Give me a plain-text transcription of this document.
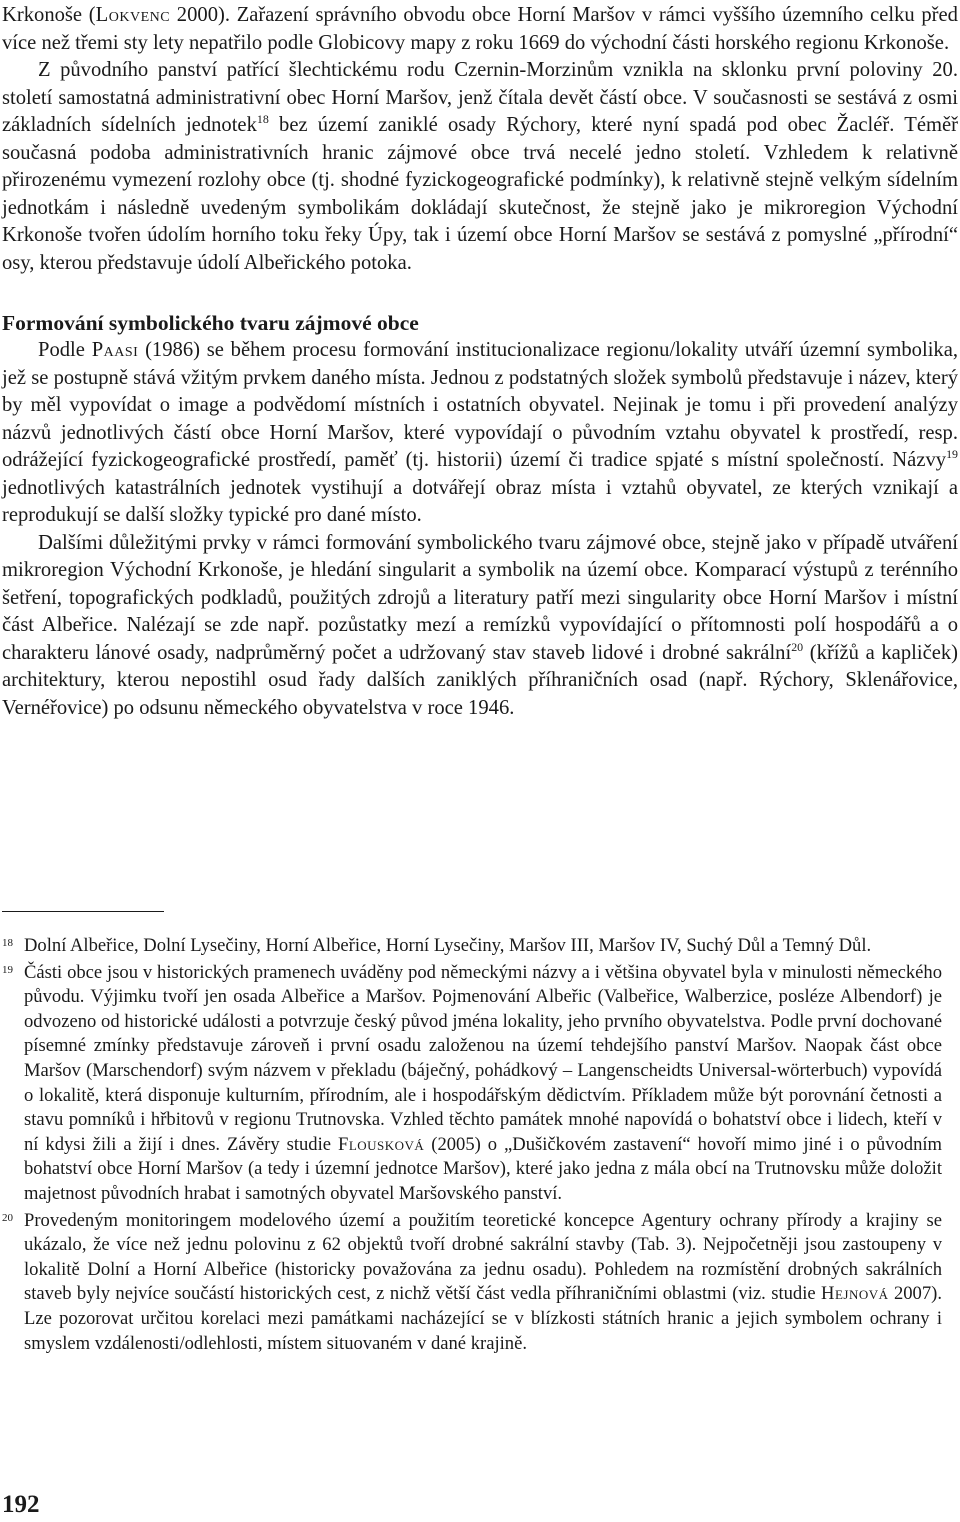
Krkonoše (Lokvenc 2000). Zařazení správního obvodu obce Horní Maršov v rámci vyššího územního celku před více než třemi sty lety nepatřilo podle Globicovy mapy z roku 1669 do východní části horského regionu Krkonoše.

Z původního panství patřící šlechtickému rodu Czernin-Morzinům vznikla na sklonku první poloviny 20. století samostatná administrativní obec Horní Maršov, jenž čítala devět částí obce. V současnosti se sestává z osmi základních sídelních jednotek$^{18}$ bez území zaniklé osady Rýchory, které nyní spadá pod obec Žacléř. Téměř současná podoba administrativních hranic zájmové obce trvá necelé jedno století. Vzhledem k relativně přirozenému vymezení rozlohy obce (tj. shodné fyzickogeografické podmínky), k relativně stejně velkým sídelním jednotkám i následně uvedeným symbolikám dokládají skutečnost, že stejně jako je mikroregion Východní Krkonoše tvořen údolím horního toku řeky Úpy, tak i území obce Horní Maršov se sestává z pomyslné „přírodní“ osy, kterou představuje údolí Albeřického potoka.

Formování symbolického tvaru zájmové obce

Podle Paasi (1986) se během procesu formování institucionalizace regionu/lokality utváří územní symbolika, jež se postupně stává vžitým prvkem daného místa. Jednou z podstatných složek symbolů představuje i název, který by měl vypovídat o image a podvědomí místních i ostatních obyvatel. Nejinak je tomu i při provedení analýzy názvů jednotlivých částí obce Horní Maršov, které vypovídají o původním vztahu obyvatel k prostředí, resp. odrážející fyzickogeografické prostředí, paměť (tj. historii) území či tradice spjaté s místní společností. Názvy$^{19}$ jednotlivých katastrálních jednotek vystihují a dotvářejí obraz místa i vztahů obyvatel, ze kterých vznikají a reprodukují se další složky typické pro dané místo.

Dalšími důležitými prvky v rámci formování symbolického tvaru zájmové obce, stejně jako v případě utváření mikroregion Východní Krkonoše, je hledání singularit a symbolik na území obce. Komparací výstupů z terénního šetření, topografických podkladů, použitých zdrojů a literatury patří mezi singularity obce Horní Maršov i místní část Albeřice. Nalézají se zde např. pozůstatky mezí a remízků vypovídající o přítomnosti polí hospodářů a o charakteru lánové osady, nadprůměrný počet a udržovaný stav staveb lidové i drobné sakrální$^{20}$ (křížů a kapliček) architektury, kterou nepostihl osud řady dalších zaniklých příhraničních osad (např. Rýchory, Sklenářovice, Vernéřovice) po odsunu německého obyvatelstva v roce 1946.

18 Dolní Albeřice, Dolní Lysečiny, Horní Albeřice, Horní Lysečiny, Maršov III, Maršov IV, Suchý Důl a Temný Důl.
19 Části obce jsou v historických pramenech uváděny pod německými názvy a i většina obyvatel byla v minulosti německého původu. Výjimku tvoří jen osada Albeřice a Maršov. Pojmenování Albeřic (Valbeřice, Walberzice, posléze Albendorf) je odvozeno od historické události a potvrzuje český původ jména lokality, jeho prvního obyvatelstva. Podle první dochované písemné zmínky představuje zároveň i první osadu založenou na území tehdejšího panství Maršov. Naopak část obce Maršov (Marschendorf) svým názvem v překladu (báječný, pohádkový – Langenscheidts Universal-wörterbuch) vypovídá o lokalitě, která disponuje kulturním, přírodním, ale i hospodářským dědictvím. Příkladem může být porovnání četnosti a stavu pomníků i hřbitovů v regionu Trutnovska. Vzhled těchto památek mnohé napovídá o bohatství obce i lidech, kteří v ní kdysi žili a žijí i dnes. Závěry studie Flousková (2005) o „Dušičkovém zastavení“ hovoří mimo jiné i o původním bohatství obce Horní Maršov (a tedy i územní jednotce Maršov), které jako jedna z mála obcí na Trutnovsku může doložit majetnost původních hrabat i samotných obyvatel Maršovského panství.
20 Provedeným monitoringem modelového území a použitím teoretické koncepce Agentury ochrany přírody a krajiny se ukázalo, že více než jednu polovinu z 62 objektů tvoří drobné sakrální stavby (Tab. 3). Nejpočetněji jsou zastoupeny v lokalitě Dolní a Horní Albeřice (historicky považována za jednu osadu). Pohledem na rozmístění drobných sakrálních staveb byly nejvíce součástí historických cest, z nichž větší část vedla příhraničními oblastmi (viz. studie Hejnová 2007). Lze pozorovat určitou korelaci mezi památkami nacházející se v blízkosti státních hranic a jejich symbolem ochrany i smyslem vzdálenosti/odlehlosti, místem situovaném v dané krajině.
192
